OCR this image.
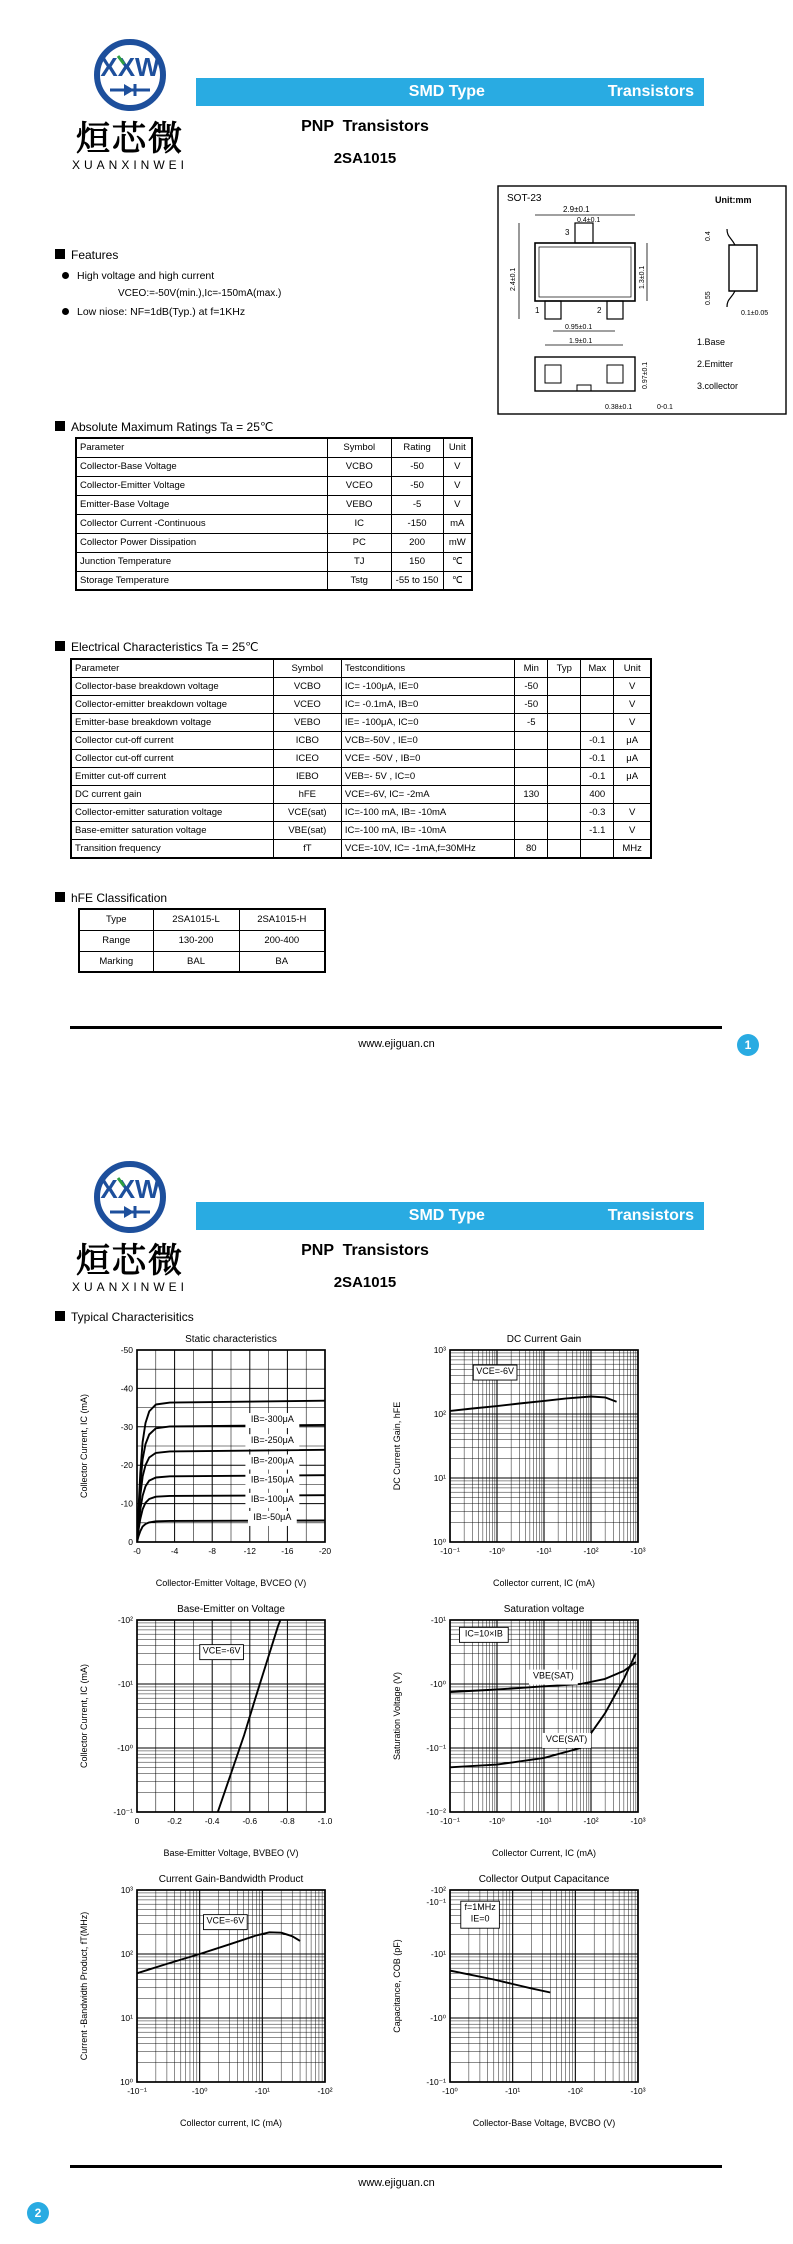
XXW
烜芯微
XUANXINWEI
SMD Type	Transistors
PNP  Transistors
2SA1015
Features
High voltage and high current
VCEO:=-50V(min.),Ic=-150mA(max.)
Low niose: NF=1dB(Typ.) at f=1KHz
SOT-23	Unit:mm
3
1	2
2.9±0.1
0.4±0.1
2.4±0.1	1.3±0.1
0.95±0.1
1.9±0.1
0.4
0.55
0.1±0.05
0.97±0.1
0-0.1
0.38±0.1
1.Base
2.Emitter
3.collector
Absolute Maximum Ratings Ta = 25℃
Parameter	Symbol	Rating	Unit
Collector-Base Voltage	VCBO	-50	V
Collector-Emitter Voltage	VCEO	-50	V
Emitter-Base Voltage	VEBO	-5	V
Collector Current -Continuous	IC	-150	mA
Collector Power Dissipation	PC	200	mW
Junction Temperature	TJ	150	℃
Storage Temperature	Tstg	-55 to 150	℃
Electrical Characteristics Ta = 25℃
Parameter	Symbol	Testconditions	Min	Typ	Max	Unit
Collector-base breakdown voltage	VCBO	IC= -100μA, IE=0	-50			V
Collector-emitter breakdown voltage	VCEO	IC= -0.1mA, IB=0	-50			V
Emitter-base breakdown voltage	VEBO	IE= -100μA, IC=0	-5			V
Collector cut-off current	ICBO	VCB=-50V , IE=0			-0.1	μA
Collector cut-off current	ICEO	VCE= -50V , IB=0			-0.1	μA
Emitter cut-off current	IEBO	VEB=- 5V , IC=0			-0.1	μA
DC current gain	hFE	VCE=-6V, IC= -2mA	130		400	
Collector-emitter saturation voltage	VCE(sat)	IC=-100 mA, IB= -10mA			-0.3	V
Base-emitter saturation voltage	VBE(sat)	IC=-100 mA, IB= -10mA			-1.1	V
Transition frequency	fT	VCE=-10V, IC= -1mA,f=30MHz	80			MHz
hFE Classification
Type	2SA1015-L	2SA1015-H
Range	130-200	200-400
Marking	BAL	BA
www.ejiguan.cn	1
XXW
烜芯微
XUANXINWEI
SMD Type	Transistors
PNP  Transistors
2SA1015
Typical Characterisitics
IB=-300μA
IB=-250μA
IB=-200μA
IB=-150μA
IB=-100μA
IB=-50μA
-0	-4	-8	-12	-16	-20
0
-10
-20
-30
-40
-50
Static characteristics
Collector-Emitter Voltage, BVCEO (V)
Collector Current, IC (mA)
VCE=-6V
-10⁻¹	-10⁰	-10¹	-10²	-10³
10⁰
10¹
10²
10³
DC Current Gain
Collector current, IC (mA)
DC Current Gain, hFE
VCE=-6V
0	-0.2	-0.4	-0.6	-0.8	-1.0
-10²
-10¹
-10⁰
-10⁻¹
Base-Emitter on Voltage
Base-Emitter Voltage, BVBEO (V)
Collector Current, IC (mA)
IC=10×IB
VBE(SAT)
VCE(SAT)
-10⁻¹	-10⁰	-10¹	-10²	-10³
-10¹
-10⁰
-10⁻¹
-10⁻²
Saturation voltage
Collector Current, IC (mA)
Saturation Voltage (V)
VCE=-6V
-10⁻¹	-10⁰	-10¹	-10²
10⁰
10¹
10²
10³
Current Gain-Bandwidth Product
Collector current, IC (mA)
Current -Bandwidth Product, fT(MHz)
f=1MHz
IE=0
-10⁰	-10¹	-10²	-10³
-10²
-10⁻¹
-10¹
-10⁰
-10⁻¹
Collector Output Capacitance
Collector-Base Voltage, BVCBO (V)
Capacitance, COB (pF)
www.ejiguan.cn
2
